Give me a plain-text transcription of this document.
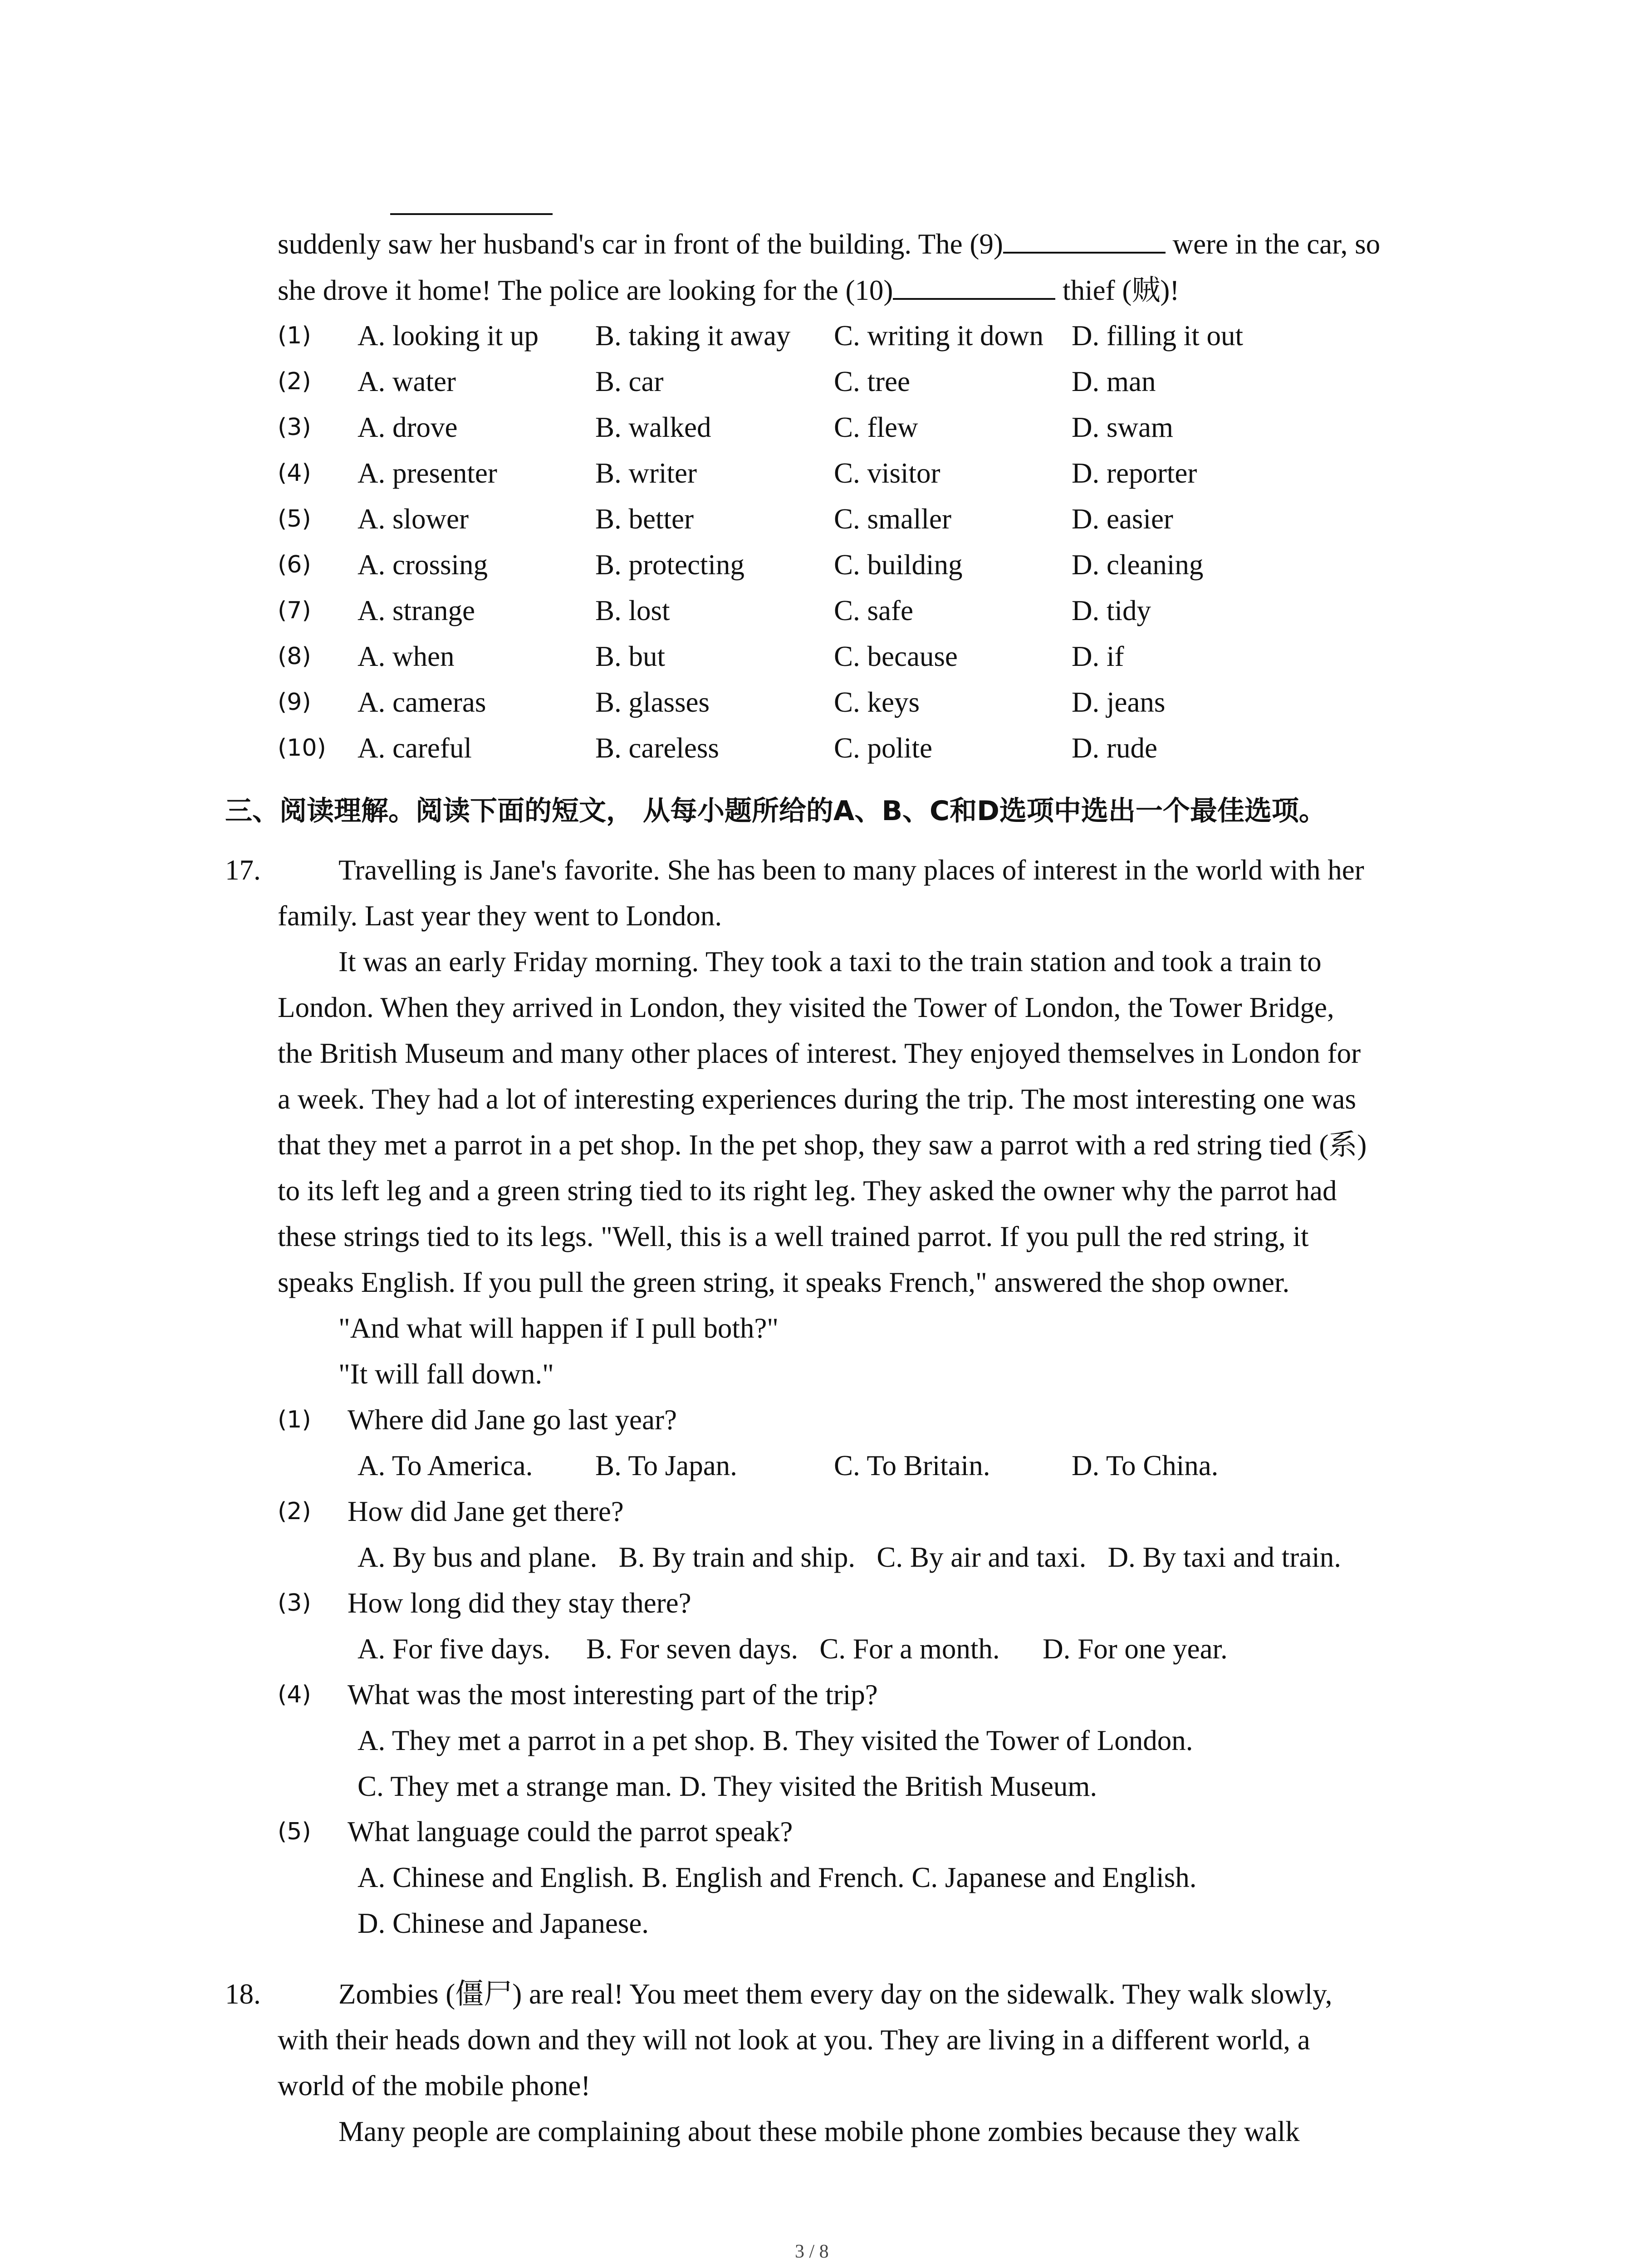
suddenly saw her husband's car in front of the building. The (9)	were in the car, so
she drove it home! The police are looking for the (10)	thief (贼)!
(1) A. looking it up B. taking it away C. writing it down D. filling it out
(2) A. water	B. car	C. tree	D. man
(3) A. drove	B. walked	C. flew	D. swam
(4) A. presenter	B. writer	C. visitor	D. reporter
(5) A. slower	B. better	C. smaller	D. easier
(6) A. crossing	B. protecting	C. building	D. cleaning
(7) A. strange	B. lost	C. safe	D. tidy
(8) A. when	B. but	C. because	D. if
(9) A. cameras	B. glasses	C. keys	D. jeans
(10) A. careful	B. careless	C. polite	D. rude
三、阅读理解。阅读下面的短文， 从每小题所给的A、B、C和D选项中选出一个最佳选项。
17.	Travelling is Jane's favorite. She has been to many places of interest in the world with her
family. Last year they went to London.
It was an early Friday morning. They took a taxi to the train station and took a train to
London. When they arrived in London, they visited the Tower of London, the Tower Bridge,
the British Museum and many other places of interest. They enjoyed themselves in London for
a week. They had a lot of interesting experiences during the trip. The most interesting one was
that they met a parrot in a pet shop. In the pet shop, they saw a parrot with a red string tied (系)
to its left leg and a green string tied to its right leg. They asked the owner why the parrot had
these strings tied to its legs. "Well, this is a well trained parrot. If you pull the red string, it
speaks English. If you pull the green string, it speaks French," answered the shop owner.
"And what will happen if I pull both?"
"It will fall down."
(1) Where did Jane go last year?
A. To America. B. To Japan.	C. To Britain.	D. To China.
(2) How did Jane get there?
A. By bus and plane.   B. By train and ship.   C. By air and taxi.   D. By taxi and train.
(3) How long did they stay there?
A. For five days.     B. For seven days.   C. For a month.      D. For one year.
(4) What was the most interesting part of the trip?
A. They met a parrot in a pet shop. B. They visited the Tower of London.
C. They met a strange man. D. They visited the British Museum.
(5) What language could the parrot speak?
A. Chinese and English. B. English and French. C. Japanese and English.
D. Chinese and Japanese.
18.	Zombies (僵尸) are real! You meet them every day on the sidewalk. They walk slowly,
with their heads down and they will not look at you. They are living in a different world, a
world of the mobile phone!
Many people are complaining about these mobile phone zombies because they walk
3 / 8
